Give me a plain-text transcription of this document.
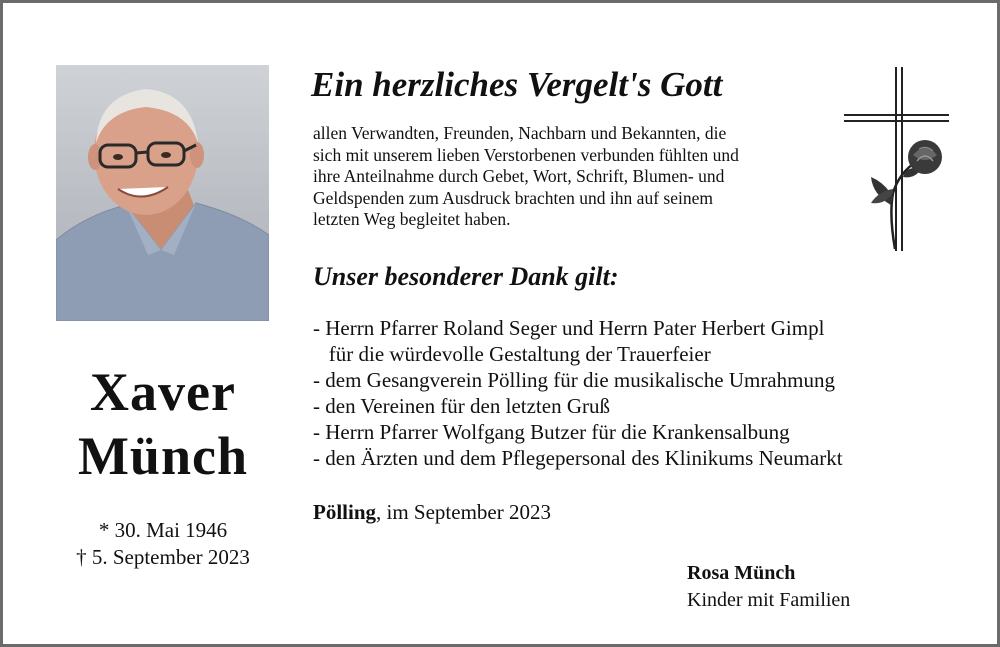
Xaver
Münch
* 30. Mai 1946
† 5. September 2023
Ein herzliches Vergelt's Gott
allen Verwandten, Freunden, Nachbarn und Bekannten, die
sich mit unserem lieben Verstorbenen verbunden fühlten und
ihre Anteilnahme durch Gebet, Wort, Schrift, Blumen- und
Geldspenden zum Ausdruck brachten und ihn auf seinem
letzten Weg begleitet haben.
Unser besonderer Dank gilt:
- Herrn Pfarrer Roland Seger und Herrn Pater Herbert Gimpl
für die würdevolle Gestaltung der Trauerfeier
- dem Gesangverein Pölling für die musikalische Umrahmung
- den Vereinen für den letzten Gruß
- Herrn Pfarrer Wolfgang Butzer für die Krankensalbung
- den Ärzten und dem Pflegepersonal des Klinikums Neumarkt
Pölling, im September 2023
Rosa Münch
Kinder mit Familien
